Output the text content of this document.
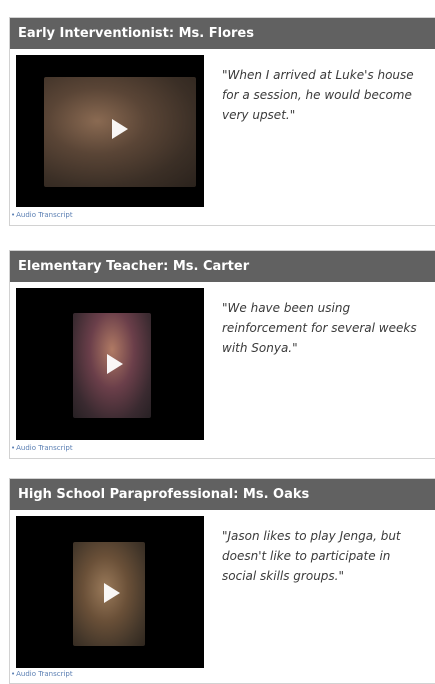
Early Interventionist: Ms. Flores
"When I arrived at Luke's house for a session, he would become very upset."
•Audio Transcript
Elementary Teacher: Ms. Carter
"We have been using reinforcement for several weeks with Sonya."
•Audio Transcript
High School Paraprofessional: Ms. Oaks
"Jason likes to play Jenga, but doesn't like to participate in social skills groups."
•Audio Transcript
